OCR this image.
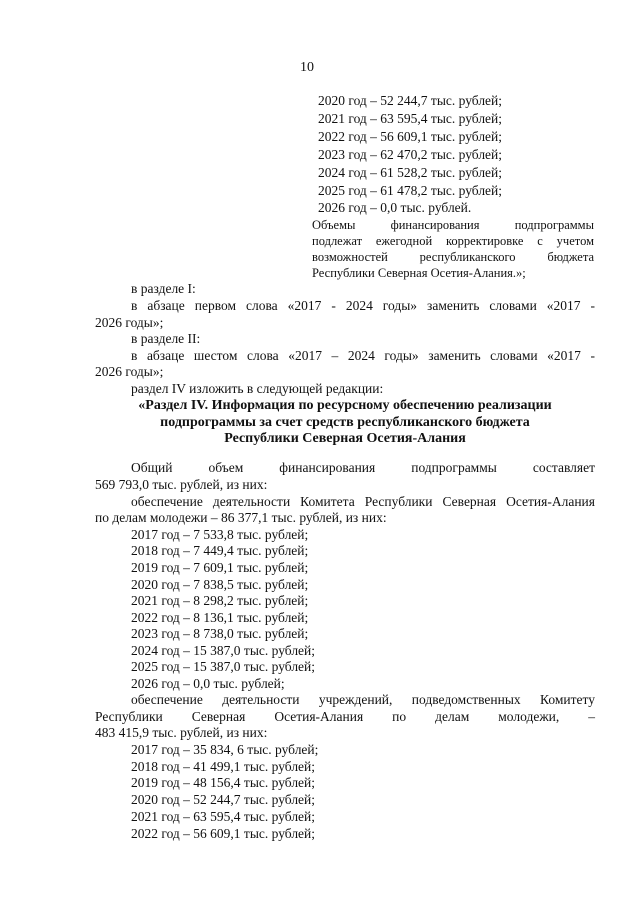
10
2020 год – 52 244,7 тыс. рублей;
2021 год – 63 595,4 тыс. рублей;
2022 год – 56 609,1 тыс. рублей;
2023 год – 62 470,2 тыс. рублей;
2024 год – 61 528,2 тыс. рублей;
2025 год – 61 478,2 тыс. рублей;
2026 год – 0,0 тыс. рублей.
Объемы финансирования подпрограммы
подлежат ежегодной корректировке с учетом
возможностей республиканского бюджета
Республики Северная Осетия-Алания.»;
в разделе I:
в абзаце первом слова «2017 - 2024 годы» заменить словами «2017 -
2026 годы»;
в разделе II:
в абзаце шестом слова «2017 – 2024 годы» заменить словами «2017 -
2026 годы»;
раздел IV изложить в следующей редакции:
«Раздел IV. Информация по ресурсному обеспечению реализации
подпрограммы за счет средств республиканского бюджета
Республики Северная Осетия-Алания
Общий объем финансирования подпрограммы составляет
569 793,0 тыс. рублей, из них:
обеспечение деятельности Комитета Республики Северная Осетия-Алания
по делам молодежи – 86 377,1 тыс. рублей, из них:
2017 год – 7 533,8 тыс. рублей;
2018 год – 7 449,4 тыс. рублей;
2019 год – 7 609,1 тыс. рублей;
2020 год – 7 838,5 тыс. рублей;
2021 год – 8 298,2 тыс. рублей;
2022 год – 8 136,1 тыс. рублей;
2023 год – 8 738,0 тыс. рублей;
2024 год – 15 387,0 тыс. рублей;
2025 год – 15 387,0 тыс. рублей;
2026 год – 0,0 тыс. рублей;
обеспечение деятельности учреждений, подведомственных Комитету
Республики Северная Осетия-Алания по делам молодежи, –
483 415,9 тыс. рублей, из них:
2017 год – 35 834, 6 тыс. рублей;
2018 год – 41 499,1 тыс. рублей;
2019 год – 48 156,4 тыс. рублей;
2020 год – 52 244,7 тыс. рублей;
2021 год – 63 595,4 тыс. рублей;
2022 год – 56 609,1 тыс. рублей;
